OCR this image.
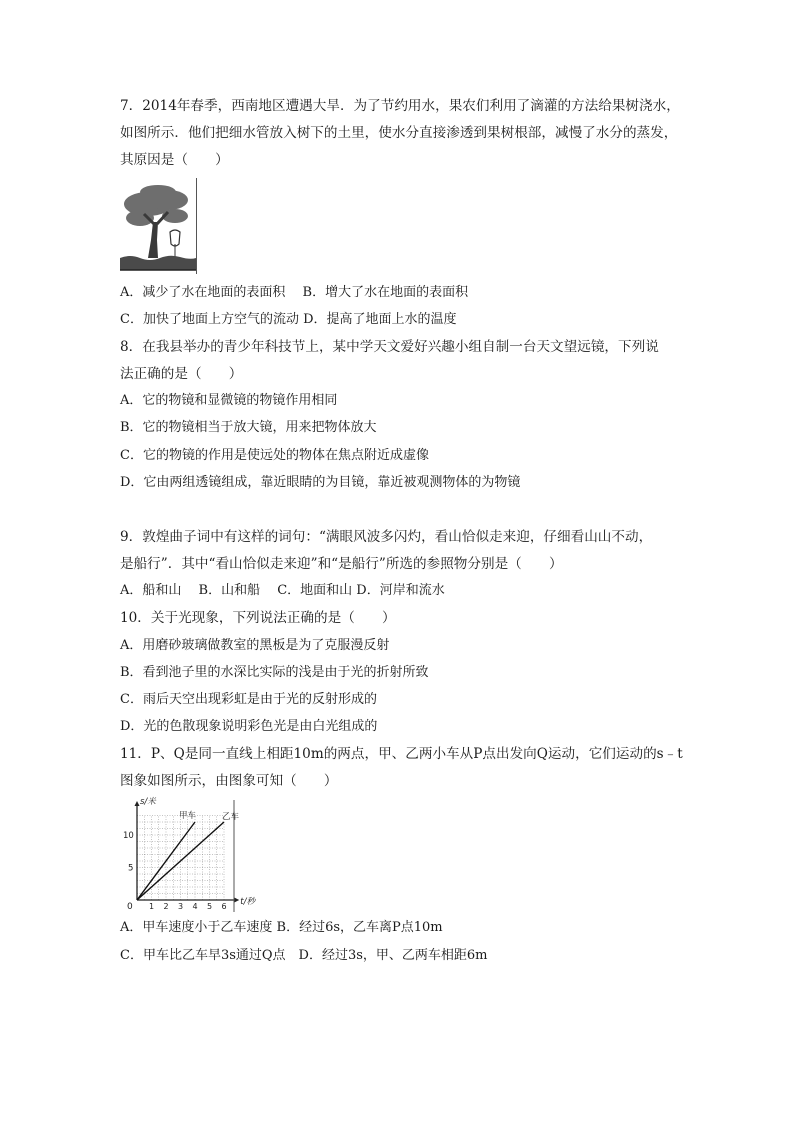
7．2014年春季，西南地区遭遇大旱．为了节约用水，果农们利用了滴灌的方法给果树浇水，
如图所示．他们把细水管放入树下的土里，使水分直接渗透到果树根部，减慢了水分的蒸发，
其原因是（　　）
A．减少了水在地面的表面积　 B．增大了水在地面的表面积
C．加快了地面上方空气的流动 D．提高了地面上水的温度
8．在我县举办的青少年科技节上，某中学天文爱好兴趣小组自制一台天文望远镜，下列说
法正确的是（　　）
A．它的物镜和显微镜的物镜作用相同
B．它的物镜相当于放大镜，用来把物体放大
C．它的物镜的作用是使远处的物体在焦点附近成虚像
D．它由两组透镜组成，靠近眼睛的为目镜，靠近被观测物体的为物镜
9．敦煌曲子词中有这样的词句：“满眼风波多闪灼，看山恰似走来迎，仔细看山山不动，
是船行”．其中“看山恰似走来迎”和“是船行”所选的参照物分别是（　　）
A．船和山　 B．山和船　 C．地面和山 D．河岸和流水
10．关于光现象，下列说法正确的是（　　）
A．用磨砂玻璃做教室的黑板是为了克服漫反射
B．看到池子里的水深比实际的浅是由于光的折射所致
C．雨后天空出现彩虹是由于光的反射形成的
D．光的色散现象说明彩色光是由白光组成的
11．P、Q是同一直线上相距10m的两点，甲、乙两小车从P点出发向Q运动，它们运动的s﹣t
图象如图所示，由图象可知（　　）
甲车	乙车
1 2 3 4 5 6
5
10
s/米
t/秒
0
A．甲车速度小于乙车速度 B．经过6s，乙车离P点10m
C．甲车比乙车早3s通过Q点　D．经过3s，甲、乙两车相距6m
